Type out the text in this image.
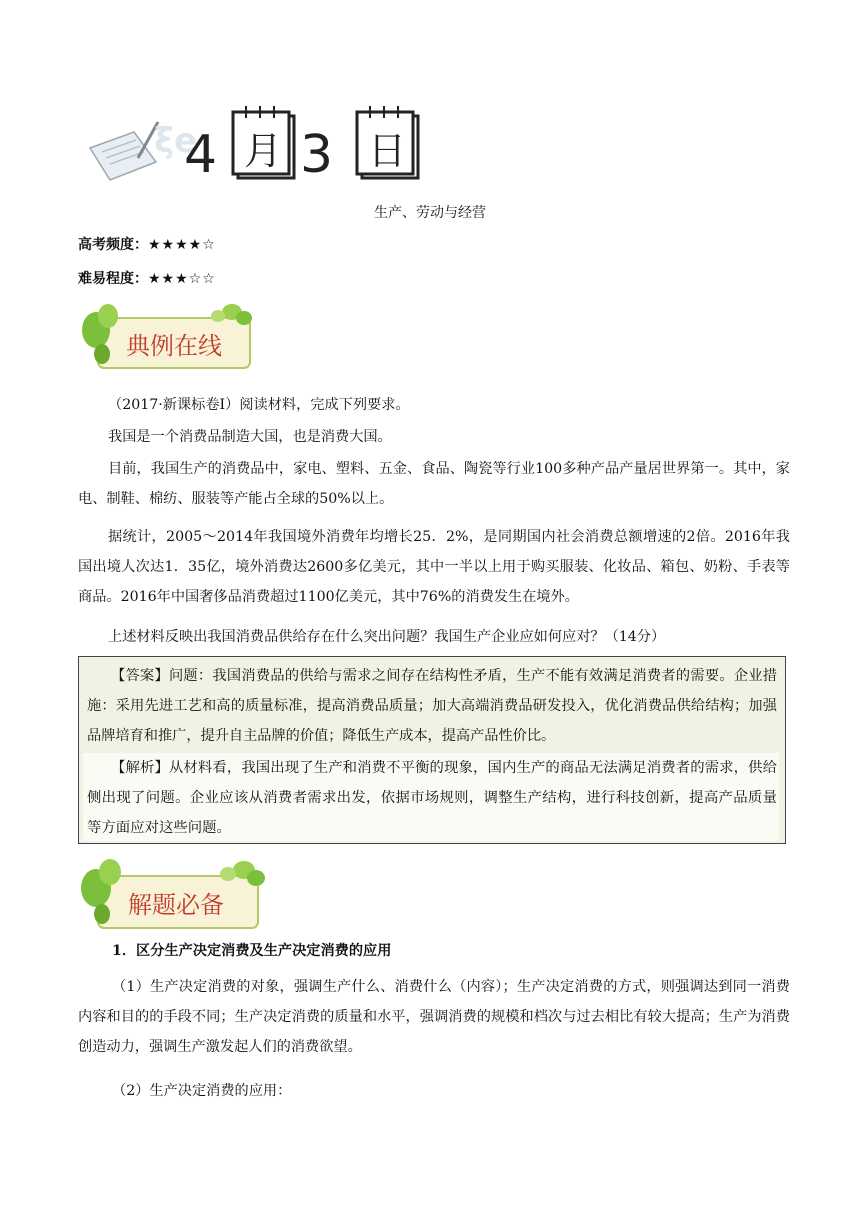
ξe
4 月 3 日
生产、劳动与经营
高考频度：★★★★☆
难易程度：★★★☆☆
典例在线
（2017·新课标卷Ⅰ）阅读材料，完成下列要求。
我国是一个消费品制造大国，也是消费大国。
目前，我国生产的消费品中，家电、塑料、五金、食品、陶瓷等行业100多种产品产量居世界第一。其中，家电、制鞋、棉纺、服装等产能占全球的50%以上。
据统计，2005～2014年我国境外消费年均增长25．2%，是同期国内社会消费总额增速的2倍。2016年我国出境人次达1．35亿，境外消费达2600多亿美元，其中一半以上用于购买服装、化妆品、箱包、奶粉、手表等商品。2016年中国奢侈品消费超过1100亿美元，其中76%的消费发生在境外。
上述材料反映出我国消费品供给存在什么突出问题？我国生产企业应如何应对？（14分）
【答案】问题：我国消费品的供给与需求之间存在结构性矛盾，生产不能有效满足消费者的需要。企业措施：采用先进工艺和高的质量标准，提高消费品质量；加大高端消费品研发投入，优化消费品供给结构；加强品牌培育和推广，提升自主品牌的价值；降低生产成本，提高产品性价比。
【解析】从材料看，我国出现了生产和消费不平衡的现象，国内生产的商品无法满足消费者的需求，供给侧出现了问题。企业应该从消费者需求出发，依据市场规则，调整生产结构，进行科技创新，提高产品质量等方面应对这些问题。
解题必备
1．区分生产决定消费及生产决定消费的应用
（1）生产决定消费的对象，强调生产什么、消费什么（内容）；生产决定消费的方式，则强调达到同一消费内容和目的的手段不同；生产决定消费的质量和水平，强调消费的规模和档次与过去相比有较大提高；生产为消费创造动力，强调生产激发起人们的消费欲望。
（2）生产决定消费的应用：
